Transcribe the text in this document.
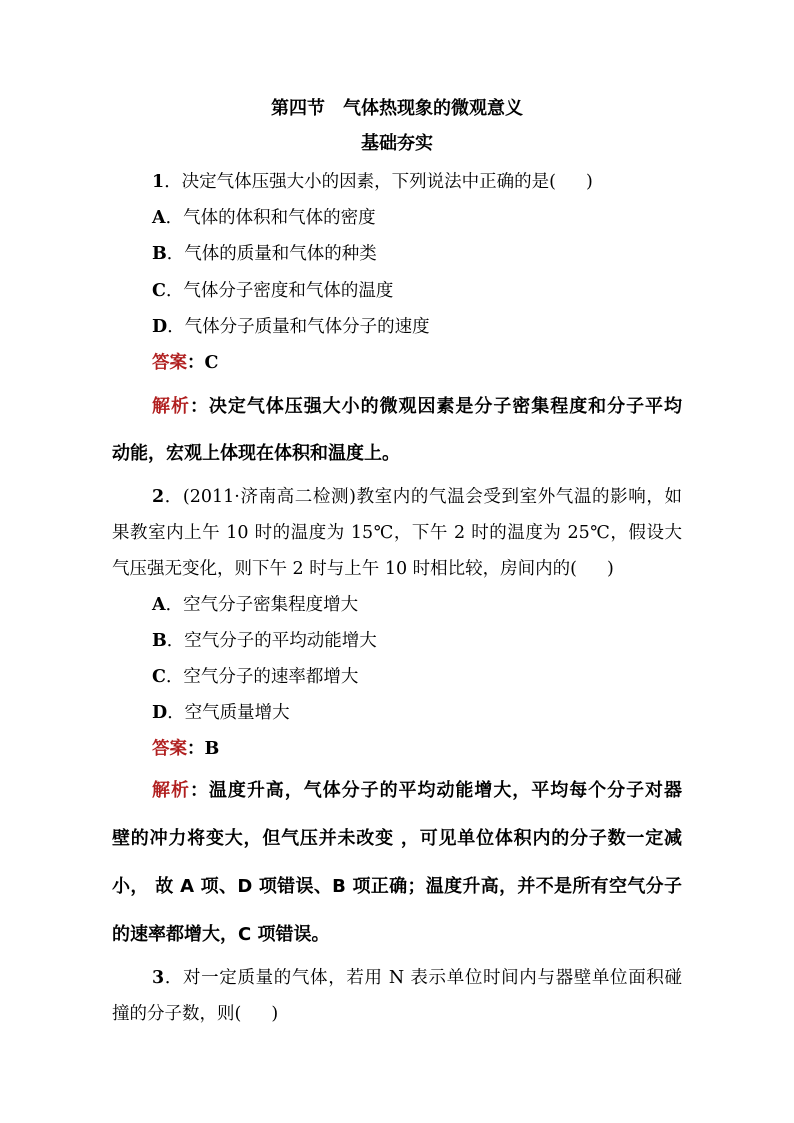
第四节　气体热现象的微观意义
基础夯实
1．决定气体压强大小的因素，下列说法中正确的是( )
A．气体的体积和气体的密度
B．气体的质量和气体的种类
C．气体分子密度和气体的温度
D．气体分子质量和气体分子的速度
答案：C
解析：决定气体压强大小的微观因素是分子密集程度和分子平均
动能，宏观上体现在体积和温度上。
2．(2011·济南高二检测)教室内的气温会受到室外气温的影响，如
果教室内上午 10 时的温度为 15℃，下午 2 时的温度为 25℃，假设大
气压强无变化，则下午 2 时与上午 10 时相比较，房间内的( )
A．空气分子密集程度增大
B．空气分子的平均动能增大
C．空气分子的速率都增大
D．空气质量增大
答案：B
解析：温度升高，气体分子的平均动能增大，平均每个分子对器
壁的冲力将变大，但气压并未改变 ，可见单位体积内的分子数一定减
小， 故 A 项、D 项错误、B 项正确；温度升高，并不是所有空气分子
的速率都增大，C 项错误。
3．对一定质量的气体，若用 N 表示单位时间内与器壁单位面积碰
撞的分子数，则( )
